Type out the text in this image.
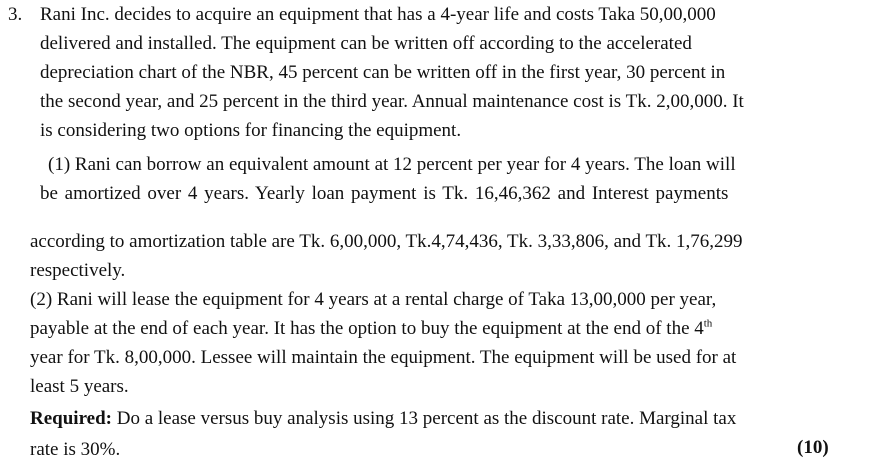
3. Rani Inc. decides to acquire an equipment that has a 4-year life and costs Taka 50,00,000
delivered and installed. The equipment can be written off according to the accelerated
depreciation chart of the NBR, 45 percent can be written off in the first year, 30 percent in
the second year, and 25 percent in the third year. Annual maintenance cost is Tk. 2,00,000. It
is considering two options for financing the equipment.
(1) Rani can borrow an equivalent amount at 12 percent per year for 4 years. The loan will
be amortized over 4 years. Yearly loan payment is Tk. 16,46,362 and Interest payments
according to amortization table are Tk. 6,00,000, Tk.4,74,436, Tk. 3,33,806, and Tk. 1,76,299
respectively.
(2) Rani will lease the equipment for 4 years at a rental charge of Taka 13,00,000 per year,
payable at the end of each year. It has the option to buy the equipment at the end of the 4th
year for Tk. 8,00,000. Lessee will maintain the equipment. The equipment will be used for at
least 5 years.
Required: Do a lease versus buy analysis using 13 percent as the discount rate. Marginal tax
rate is 30%.	(10)
